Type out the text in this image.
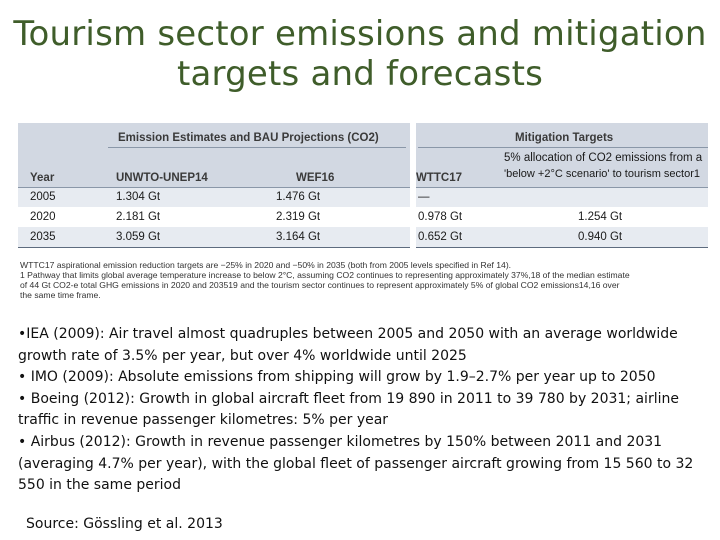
Tourism sector emissions and mitigation
targets and forecasts
Emission Estimates and BAU Projections (CO2)	Mitigation Targets
5% allocation of CO2 emissions from a
'below +2°C scenario' to tourism sector1
Year	UNWTO-UNEP14	WEF16	WTTC17
2005	1.304 Gt	1.476 Gt	—
2020	2.181 Gt	2.319 Gt	0.978 Gt	1.254 Gt
2035	3.059 Gt	3.164 Gt	0.652 Gt	0.940 Gt
WTTC17 aspirational emission reduction targets are −25% in 2020 and −50% in 2035 (both from 2005 levels specified in Ref 14).
1 Pathway that limits global average temperature increase to below 2°C, assuming CO2 continues to representing approximately 37%,18 of the median estimate
of 44 Gt CO2-e total GHG emissions in 2020 and 203519 and the tourism sector continues to represent approximately 5% of global CO2 emissions14,16 over
the same time frame.

•IEA (2009): Air travel almost quadruples between 2005 and 2050 with an average worldwide growth rate of 3.5% per year, but over 4% worldwide until 2025

• IMO (2009): Absolute emissions from shipping will grow by 1.9–2.7% per year up to 2050

• Boeing (2012): Growth in global aircraft fleet from 19 890 in 2011 to 39 780 by 2031; airline traffic in revenue passenger kilometres: 5% per year

• Airbus (2012): Growth in revenue passenger kilometres by 150% between 2011 and 2031 (averaging 4.7% per year), with the global fleet of passenger aircraft growing from 15 560 to 32 550 in the same period

Source: Gössling et al. 2013
